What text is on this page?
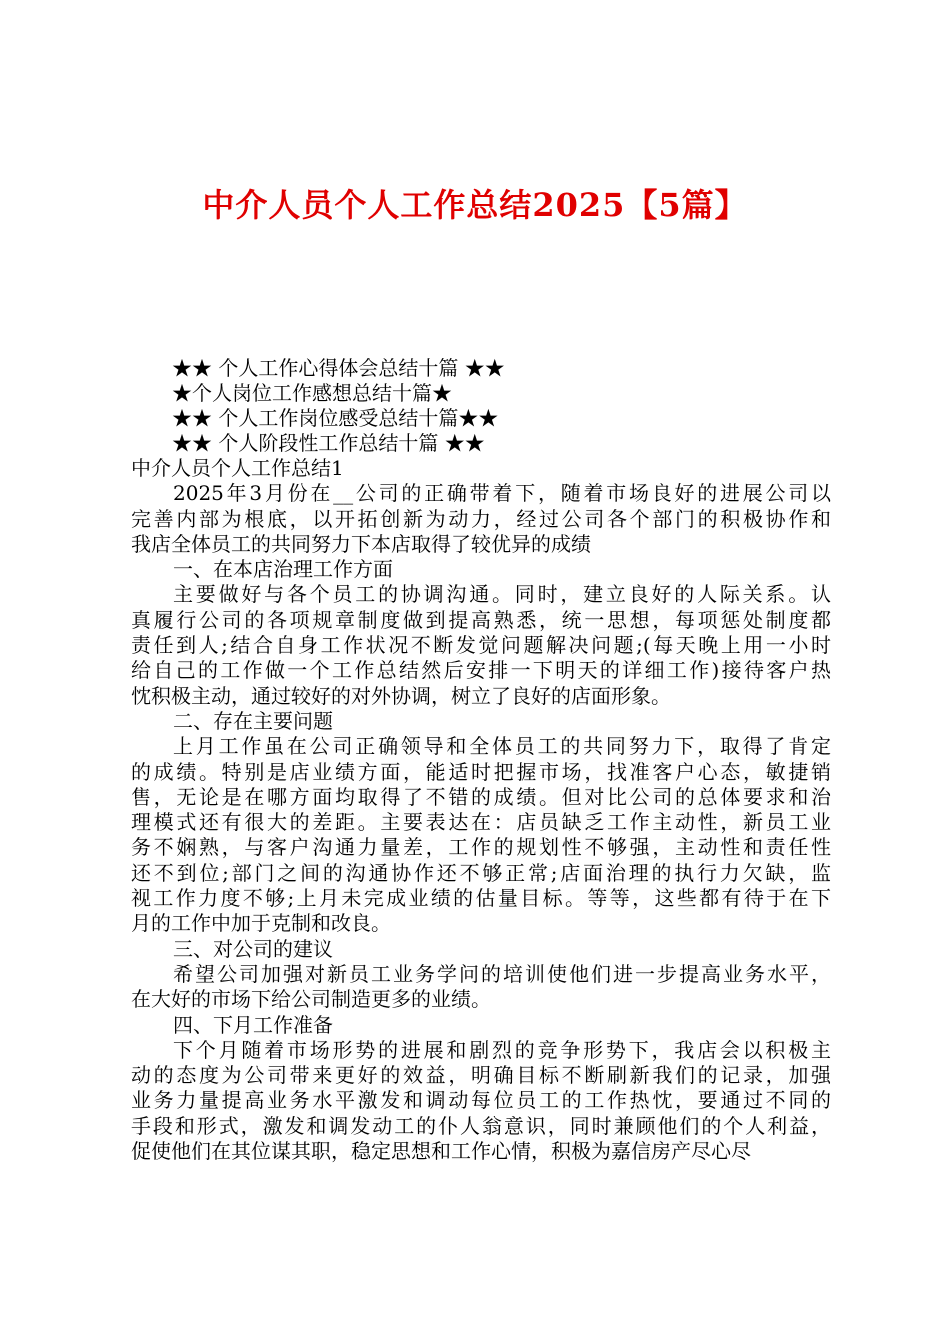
中介人员个人工作总结2025【5篇】
★★ 个人工作心得体会总结十篇 ★★
★个人岗位工作感想总结十篇★
★★ 个人工作岗位感受总结十篇★★
★★ 个人阶段性工作总结十篇 ★★
中介人员个人工作总结1
2025年3月份在__公司的正确带着下，随着市场良好的进展公司以
完善内部为根底，以开拓创新为动力，经过公司各个部门的积极协作和
我店全体员工的共同努力下本店取得了较优异的成绩
一、在本店治理工作方面
主要做好与各个员工的协调沟通。同时，建立良好的人际关系。认
真履行公司的各项规章制度做到提高熟悉，统一思想，每项惩处制度都
责任到人;结合自身工作状况不断发觉问题解决问题;(每天晚上用一小时
给自己的工作做一个工作总结然后安排一下明天的详细工作)接待客户热
忱积极主动，通过较好的对外协调，树立了良好的店面形象。
二、存在主要问题
上月工作虽在公司正确领导和全体员工的共同努力下，取得了肯定
的成绩。特别是店业绩方面，能适时把握市场，找准客户心态，敏捷销
售，无论是在哪方面均取得了不错的成绩。但对比公司的总体要求和治
理模式还有很大的差距。主要表达在：店员缺乏工作主动性，新员工业
务不娴熟，与客户沟通力量差，工作的规划性不够强，主动性和责任性
还不到位;部门之间的沟通协作还不够正常;店面治理的执行力欠缺，监
视工作力度不够;上月未完成业绩的估量目标。等等，这些都有待于在下
月的工作中加于克制和改良。
三、对公司的建议
希望公司加强对新员工业务学问的培训使他们进一步提高业务水平，
在大好的市场下给公司制造更多的业绩。
四、下月工作准备
下个月随着市场形势的进展和剧烈的竞争形势下，我店会以积极主
动的态度为公司带来更好的效益，明确目标不断刷新我们的记录，加强
业务力量提高业务水平激发和调动每位员工的工作热忱，要通过不同的
手段和形式，激发和调发动工的仆人翁意识，同时兼顾他们的个人利益，
促使他们在其位谋其职，稳定思想和工作心情，积极为嘉信房产尽心尽
